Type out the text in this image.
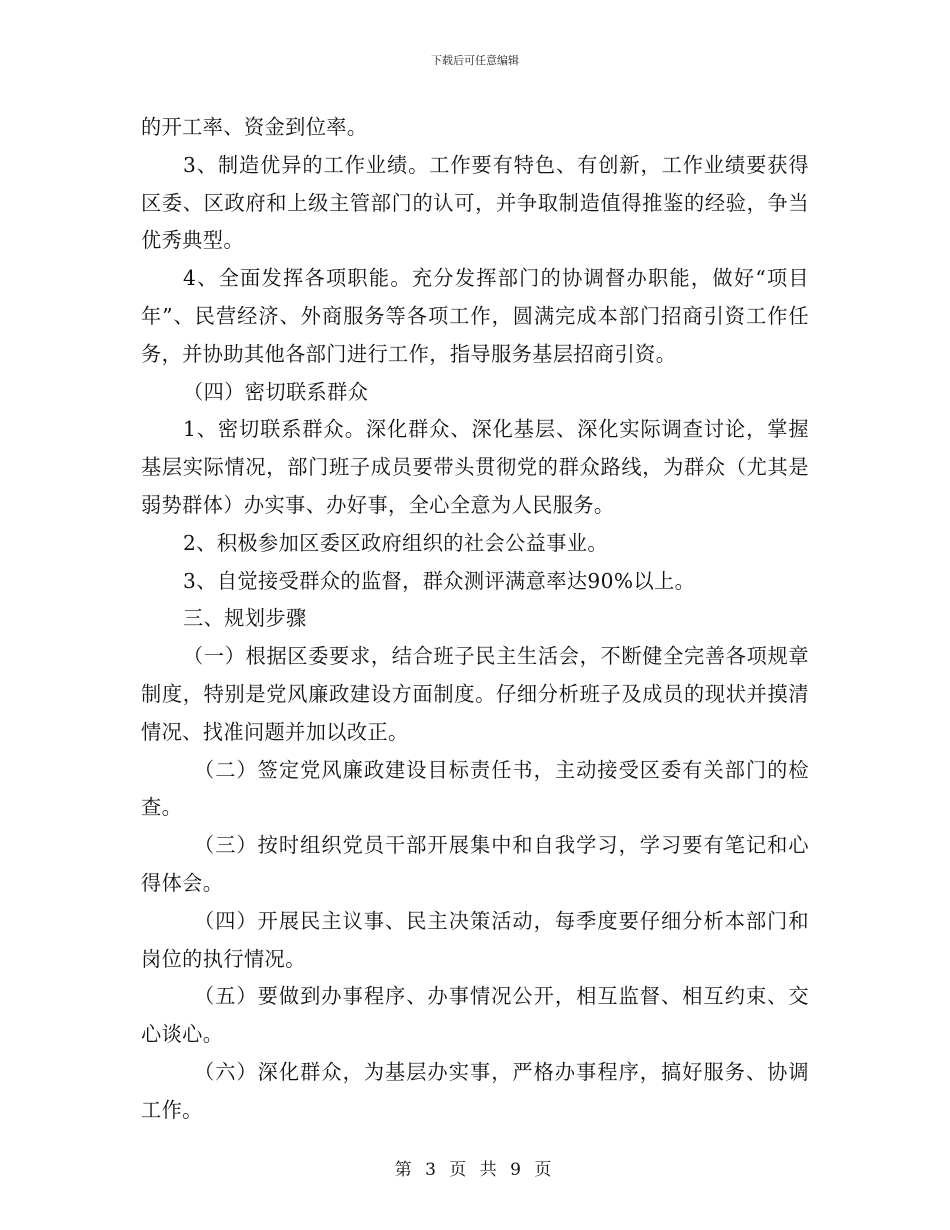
下载后可任意编辑

的开工率、资金到位率。

3、制造优异的工作业绩。工作要有特色、有创新，工作业绩要获得区委、区政府和上级主管部门的认可，并争取制造值得推鉴的经验，争当优秀典型。

4、全面发挥各项职能。充分发挥部门的协调督办职能，做好“项目年”、民营经济、外商服务等各项工作，圆满完成本部门招商引资工作任务，并协助其他各部门进行工作，指导服务基层招商引资。

（四）密切联系群众

1、密切联系群众。深化群众、深化基层、深化实际调查讨论，掌握基层实际情况，部门班子成员要带头贯彻党的群众路线，为群众（尤其是弱势群体）办实事、办好事，全心全意为人民服务。

2、积极参加区委区政府组织的社会公益事业。

3、自觉接受群众的监督，群众测评满意率达90%以上。

三、规划步骤

（一）根据区委要求，结合班子民主生活会，不断健全完善各项规章制度，特别是党风廉政建设方面制度。仔细分析班子及成员的现状并摸清情况、找准问题并加以改正。

（二）签定党风廉政建设目标责任书，主动接受区委有关部门的检查。

（三）按时组织党员干部开展集中和自我学习，学习要有笔记和心得体会。

（四）开展民主议事、民主决策活动，每季度要仔细分析本部门和岗位的执行情况。

（五）要做到办事程序、办事情况公开，相互监督、相互约束、交心谈心。

（六）深化群众，为基层办实事，严格办事程序，搞好服务、协调工作。

第 3 页 共 9 页
